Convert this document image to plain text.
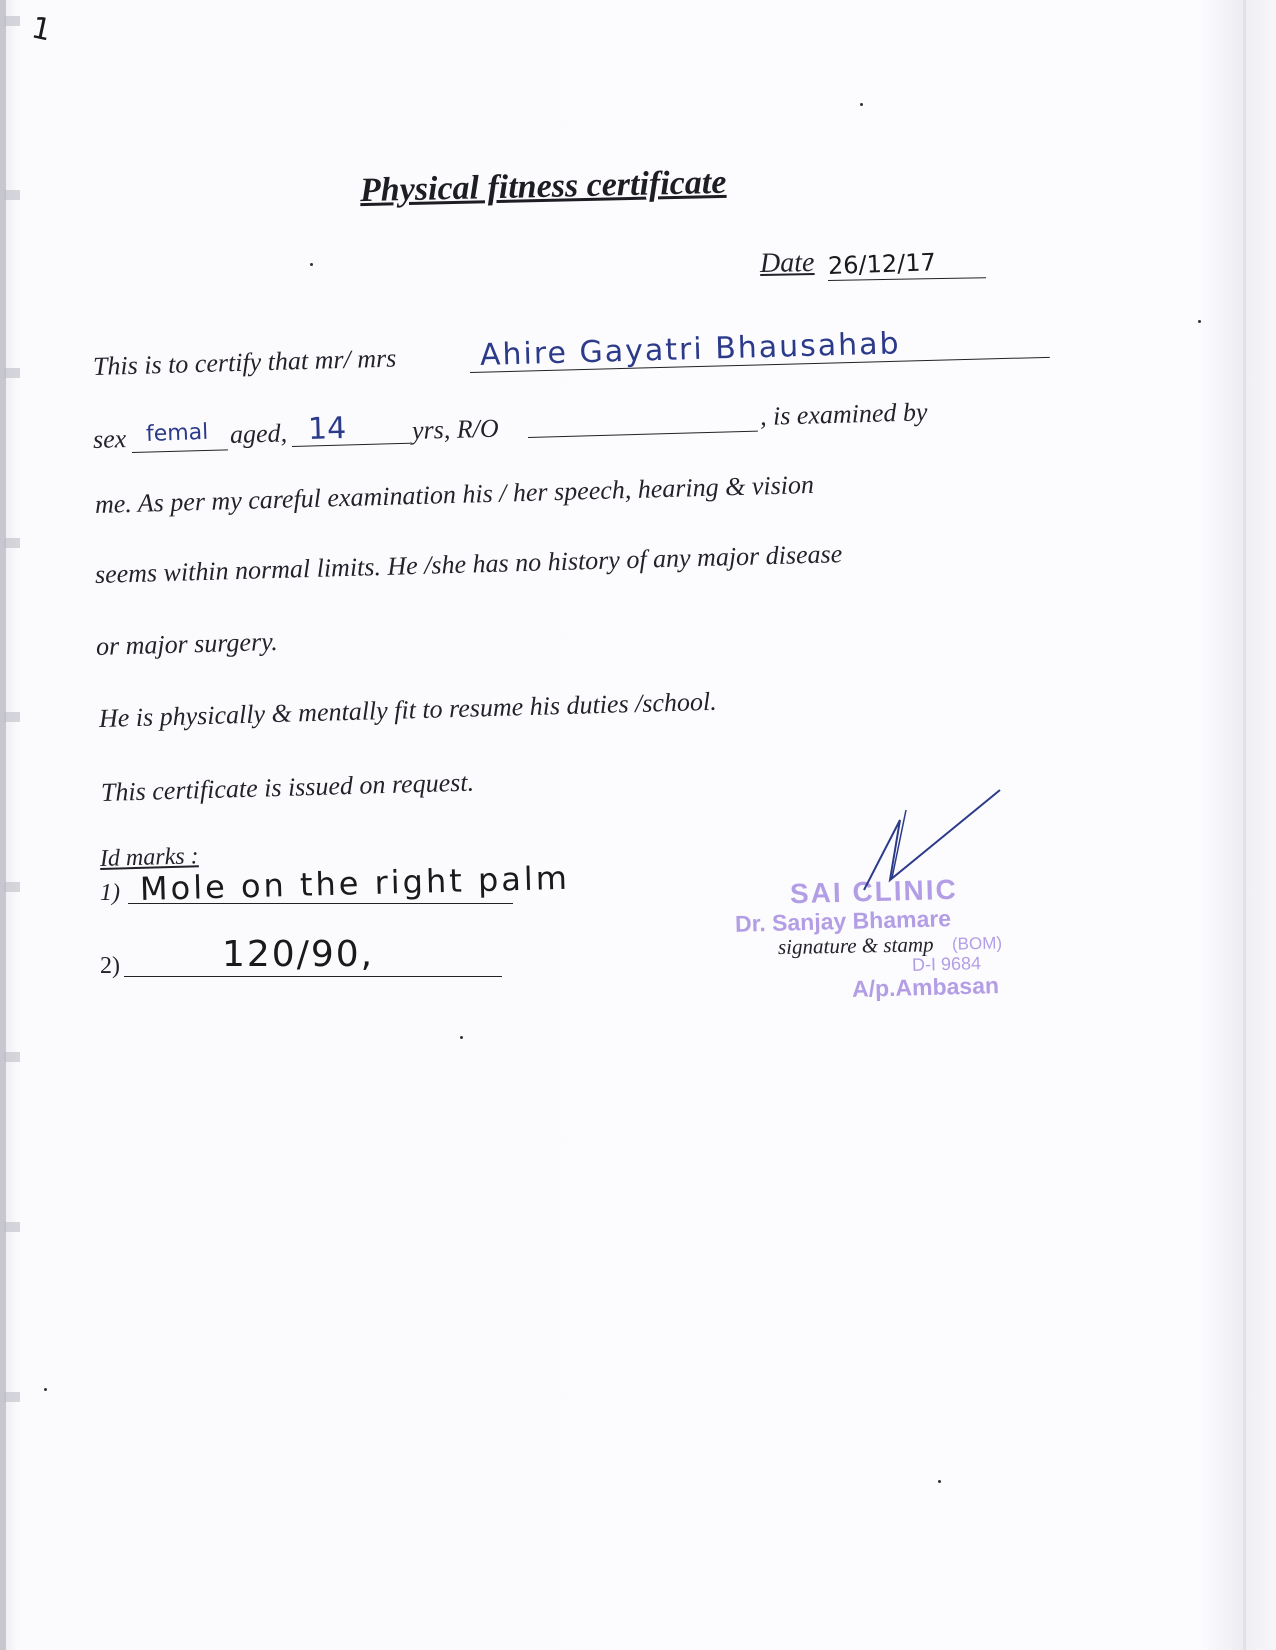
1
Physical fitness certificate
Date 26/12/17
This is to certify that mr/ mrs	Ahire Gayatri Bhausahab
sex femal aged, 14 yrs, R/O	, is examined by
me. As per my careful examination his / her speech, hearing & vision
seems within normal limits. He /she has no history of any major disease
or major surgery.
He is physically & mentally fit to resume his duties /school.
This certificate is issued on request.
Id marks :
1) Mole on the right palm
2)	120/90,
SAI CLINIC
Dr. Sanjay Bhamare
(BOM)
D-I 9684
A/p.Ambasan
signature & stamp
